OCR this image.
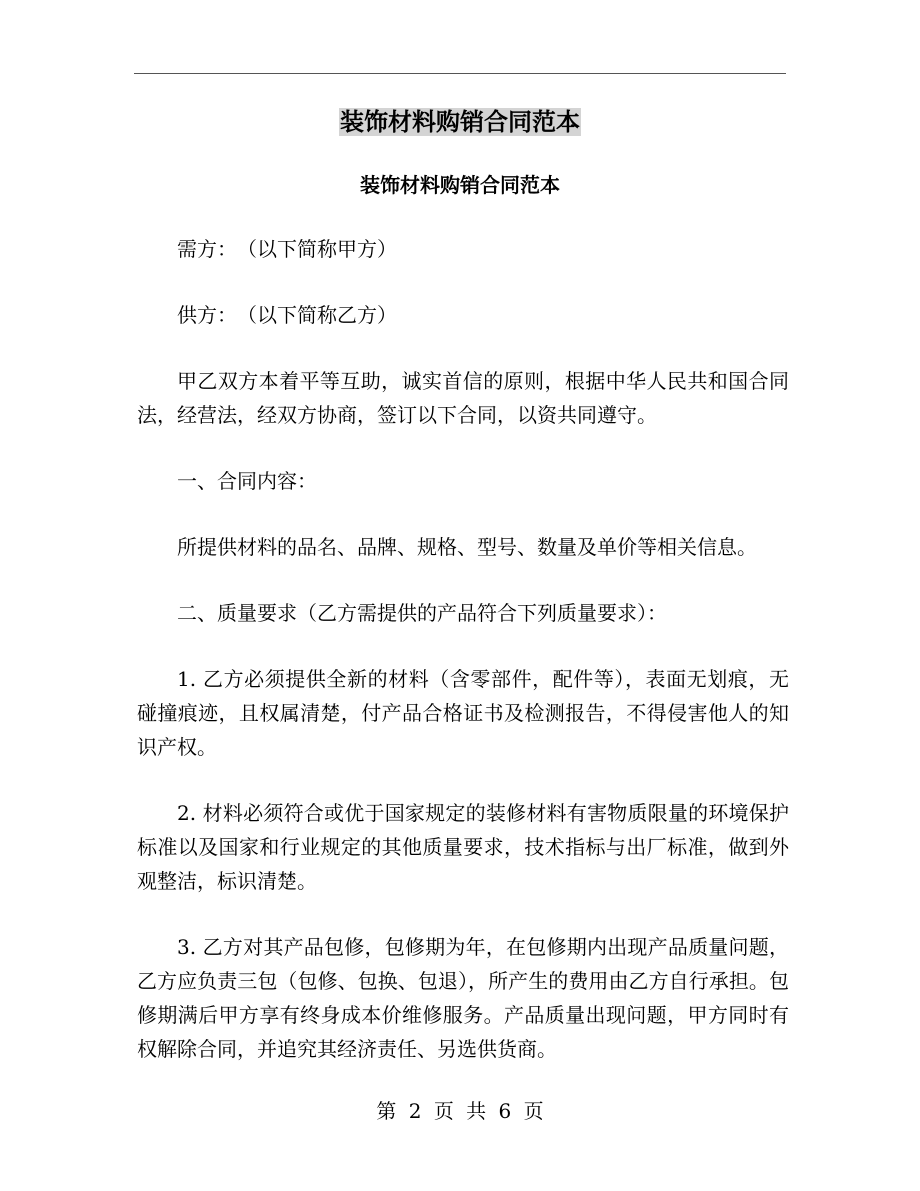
装饰材料购销合同范本
装饰材料购销合同范本

需方：　（以下简称甲方）

供方：　（以下简称乙方）

甲乙双方本着平等互助，诚实首信的原则，根据中华人民共和国合同法，经营法，经双方协商，签订以下合同，以资共同遵守。

一、合同内容：

所提供材料的品名、品牌、规格、型号、数量及单价等相关信息。

二、质量要求（乙方需提供的产品符合下列质量要求）：

1. 乙方必须提供全新的材料（含零部件，配件等），表面无划痕，无碰撞痕迹，且权属清楚，付产品合格证书及检测报告，不得侵害他人的知识产权。

2. 材料必须符合或优于国家规定的装修材料有害物质限量的环境保护标准以及国家和行业规定的其他质量要求，技术指标与出厂标准，做到外观整洁，标识清楚。

3. 乙方对其产品包修，包修期为年，在包修期内出现产品质量问题，乙方应负责三包（包修、包换、包退），所产生的费用由乙方自行承担。包修期满后甲方享有终身成本价维修服务。产品质量出现问题，甲方同时有权解除合同，并追究其经济责任、另选供货商。

第 2 页 共 6 页
